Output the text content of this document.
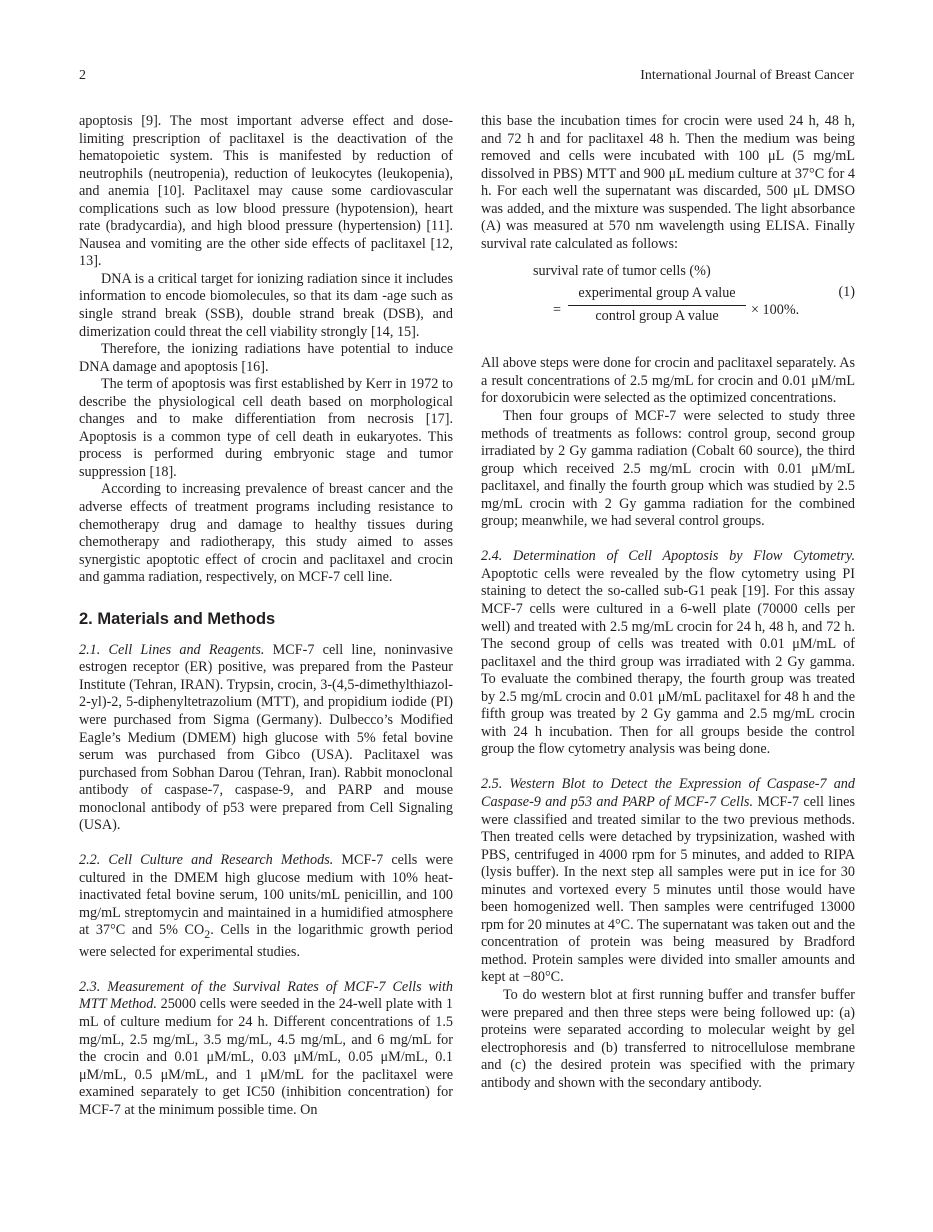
2	International Journal of Breast Cancer

apoptosis [9]. The most important adverse effect and dose-limiting prescription of paclitaxel is the deactivation of the hematopoietic system. This is manifested by reduction of neutrophils (neutropenia), reduction of leukocytes (leukopenia), and anemia [10]. Paclitaxel may cause some cardiovascular complications such as low blood pressure (hypotension), heart rate (bradycardia), and high blood pressure (hypertension) [11]. Nausea and vomiting are the other side effects of paclitaxel [12, 13].

DNA is a critical target for ionizing radiation since it includes information to encode biomolecules, so that its dam -age such as single strand break (SSB), double strand break (DSB), and dimerization could threat the cell viability strongly [14, 15].

Therefore, the ionizing radiations have potential to induce DNA damage and apoptosis [16].

The term of apoptosis was first established by Kerr in 1972 to describe the physiological cell death based on morphological changes and to make differentiation from necrosis [17]. Apoptosis is a common type of cell death in eukaryotes. This process is performed during embryonic stage and tumor suppression [18].

According to increasing prevalence of breast cancer and the adverse effects of treatment programs including resistance to chemotherapy drug and damage to healthy tissues during chemotherapy and radiotherapy, this study aimed to asses synergistic apoptotic effect of crocin and paclitaxel and crocin and gamma radiation, respectively, on MCF-7 cell line.

2. Materials and Methods

2.1. Cell Lines and Reagents. MCF-7 cell line, noninvasive estrogen receptor (ER) positive, was prepared from the Pasteur Institute (Tehran, IRAN). Trypsin, crocin, 3-(4,5-dimethylthiazol-2-yl)-2, 5-diphenyltetrazolium (MTT), and propidium iodide (PI) were purchased from Sigma (Germany). Dulbecco’s Modified Eagle’s Medium (DMEM) high glucose with 5% fetal bovine serum was purchased from Gibco (USA). Paclitaxel was purchased from Sobhan Darou (Tehran, Iran). Rabbit monoclonal antibody of caspase-7, caspase-9, and PARP and mouse monoclonal antibody of p53 were prepared from Cell Signaling (USA).

2.2. Cell Culture and Research Methods. MCF-7 cells were cultured in the DMEM high glucose medium with 10% heat-inactivated fetal bovine serum, 100 units/mL penicillin, and 100 mg/mL streptomycin and maintained in a humidified atmosphere at 37°C and 5% $CO_2$. Cells in the logarithmic growth period were selected for experimental studies.

2.3. Measurement of the Survival Rates of MCF-7 Cells with MTT Method. 25000 cells were seeded in the 24-well plate with 1 mL of culture medium for 24 h. Different concentrations of 1.5 mg/mL, 2.5 mg/mL, 3.5 mg/mL, 4.5 mg/mL, and 6 mg/mL for the crocin and 0.01 μM/mL, 0.03 μM/mL, 0.05 μM/mL, 0.1 μM/mL, 0.5 μM/mL, and 1 μM/mL for the paclitaxel were examined separately to get IC50 (inhibition concentration) for MCF-7 at the minimum possible time. On

this base the incubation times for crocin were used 24 h, 48 h, and 72 h and for paclitaxel 48 h. Then the medium was being removed and cells were incubated with 100 μL (5 mg/mL dissolved in PBS) MTT and 900 μL medium culture at 37°C for 4 h. For each well the supernatant was discarded, 500 μL DMSO was added, and the mixture was suspended. The light absorbance (A) was measured at 570 nm wavelength using ELISA. Finally survival rate calculated as follows:

survival rate of tumor cells (%)
=
experimental group A value
control group A value	× 100%.
(1)

All above steps were done for crocin and paclitaxel separately. As a result concentrations of 2.5 mg/mL for crocin and 0.01 μM/mL for doxorubicin were selected as the optimized concentrations.

Then four groups of MCF-7 were selected to study three methods of treatments as follows: control group, second group irradiated by 2 Gy gamma radiation (Cobalt 60 source), the third group which received 2.5 mg/mL crocin with 0.01 μM/mL paclitaxel, and finally the fourth group which was studied by 2.5 mg/mL crocin with 2 Gy gamma radiation for the combined group; meanwhile, we had several control groups.

2.4. Determination of Cell Apoptosis by Flow Cytometry. Apoptotic cells were revealed by the flow cytometry using PI staining to detect the so-called sub-G1 peak [19]. For this assay MCF-7 cells were cultured in a 6-well plate (70000 cells per well) and treated with 2.5 mg/mL crocin for 24 h, 48 h, and 72 h. The second group of cells was treated with 0.01 μM/mL of paclitaxel and the third group was irradiated with 2 Gy gamma. To evaluate the combined therapy, the fourth group was treated by 2.5 mg/mL crocin and 0.01 μM/mL paclitaxel for 48 h and the fifth group was treated by 2 Gy gamma and 2.5 mg/mL crocin with 24 h incubation. Then for all groups beside the control group the flow cytometry analysis was being done.

2.5. Western Blot to Detect the Expression of Caspase-7 and Caspase-9 and p53 and PARP of MCF-7 Cells. MCF-7 cell lines were classified and treated similar to the two previous methods. Then treated cells were detached by trypsinization, washed with PBS, centrifuged in 4000 rpm for 5 minutes, and added to RIPA (lysis buffer). In the next step all samples were put in ice for 30 minutes and vortexed every 5 minutes until those would have been homogenized well. Then samples were centrifuged 13000 rpm for 20 minutes at 4°C. The supernatant was taken out and the concentration of protein was being measured by Bradford method. Protein samples were divided into smaller amounts and kept at −80°C.

To do western blot at first running buffer and transfer buffer were prepared and then three steps were being followed up: (a) proteins were separated according to molecular weight by gel electrophoresis and (b) transferred to nitrocellulose membrane and (c) the desired protein was specified with the primary antibody and shown with the secondary antibody.
